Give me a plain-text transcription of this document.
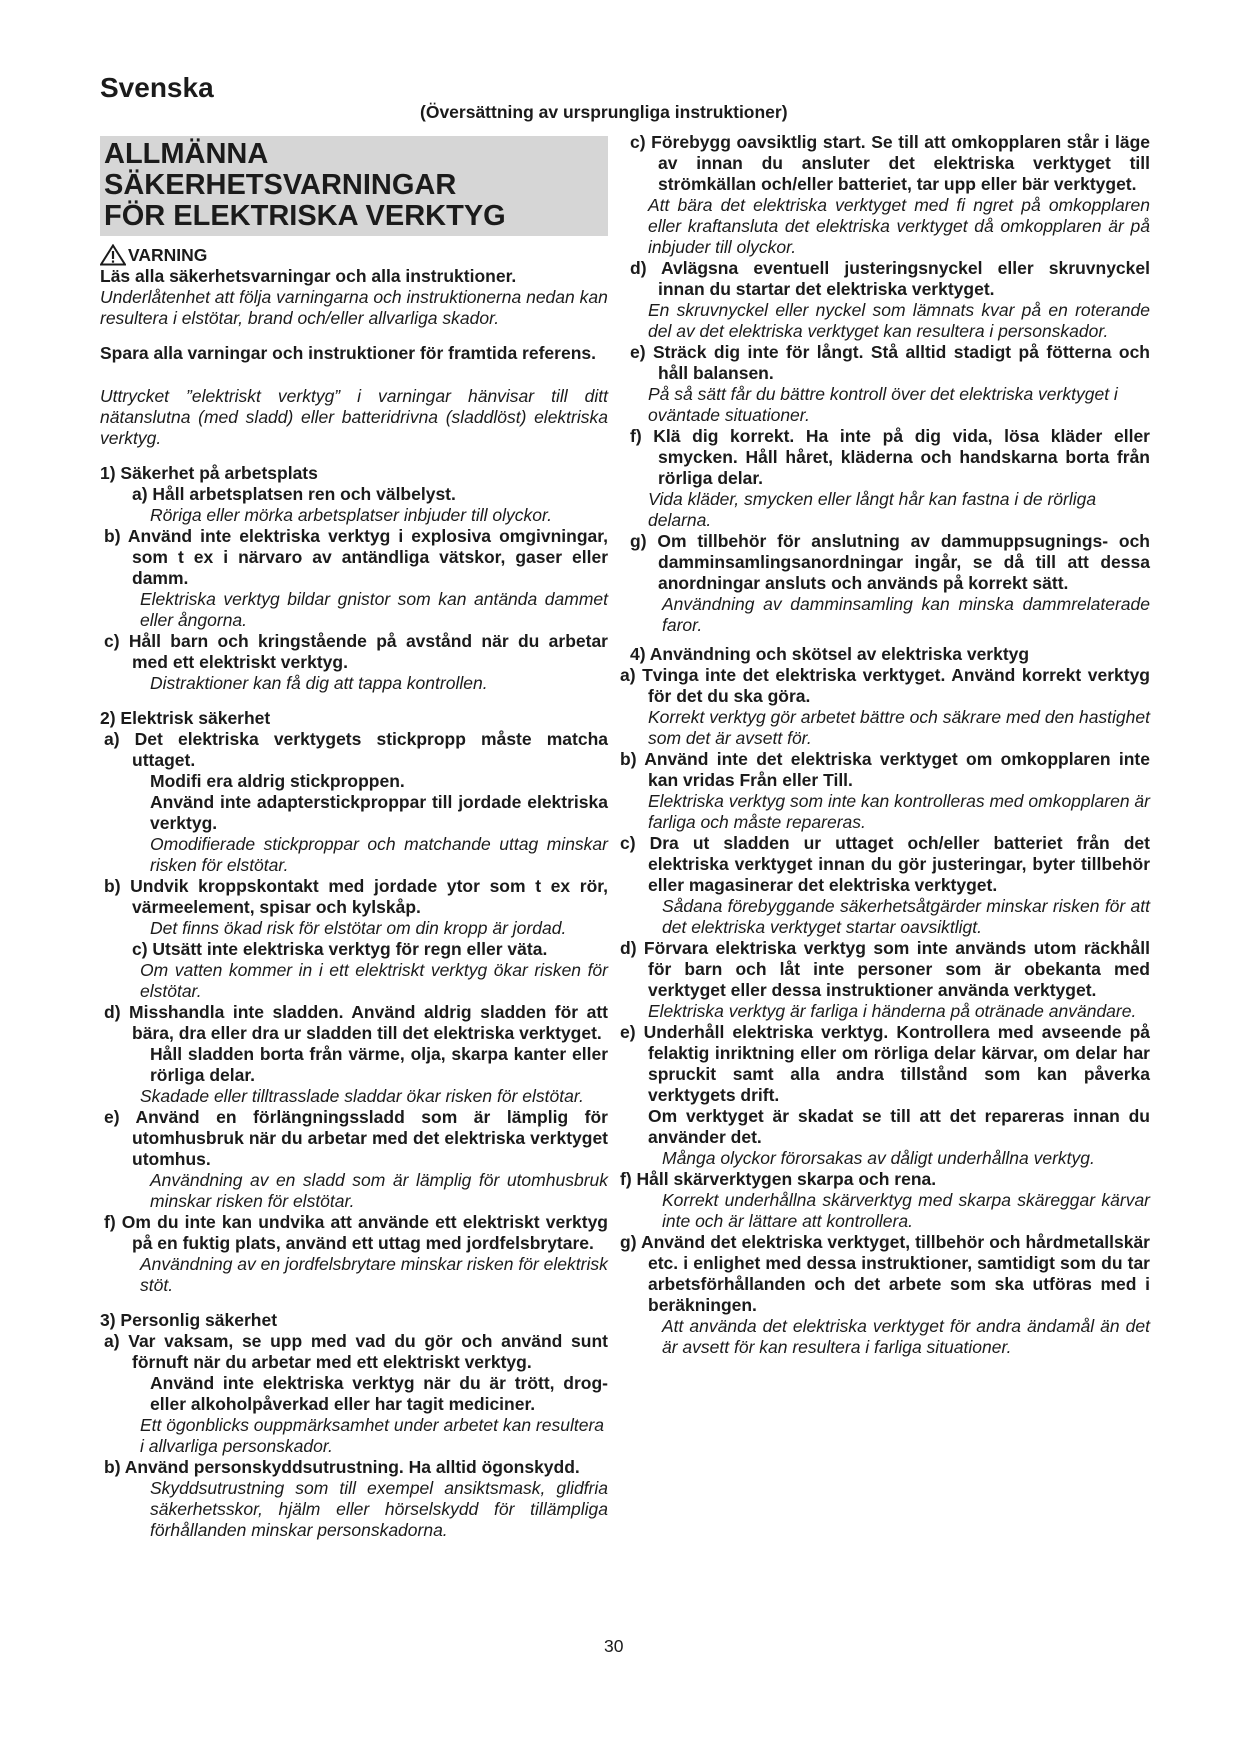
Svenska
(Översättning av ursprungliga instruktioner)
ALLMÄNNA SÄKERHETSVARNINGAR
FÖR ELEKTRISKA VERKTYG
VARNING

Läs alla säkerhetsvarningar och alla instruktioner.

Underlåtenhet att följa varningarna och instruktionerna nedan kan resultera i elstötar, brand och/eller allvarliga skador.

Spara alla varningar och instruktioner för framtida referens.

Uttrycket ”elektriskt verktyg” i varningar hänvisar till ditt nätanslutna (med sladd) eller batteridrivna (sladdlöst) elektriska verktyg.

1) Säkerhet på arbetsplats

a) Håll arbetsplatsen ren och välbelyst.

Röriga eller mörka arbetsplatser inbjuder till olyckor.

b) Använd inte elektriska verktyg i explosiva omgivningar, som t ex i närvaro av antändliga vätskor, gaser eller damm.

Elektriska verktyg bildar gnistor som kan antända dammet eller ångorna.

c) Håll barn och kringstående på avstånd när du arbetar med ett elektriskt verktyg.

Distraktioner kan få dig att tappa kontrollen.

2) Elektrisk säkerhet

a) Det elektriska verktygets stickpropp måste matcha uttaget.

Modifi era aldrig stickproppen.

Använd inte adapterstickproppar till jordade elektriska verktyg.

Omodifierade stickproppar och matchande uttag minskar risken för elstötar.

b) Undvik kroppskontakt med jordade ytor som t ex rör, värmeelement, spisar och kylskåp.

Det finns ökad risk för elstötar om din kropp är jordad.

c) Utsätt inte elektriska verktyg för regn eller väta.

Om vatten kommer in i ett elektriskt verktyg ökar risken för elstötar.

d) Misshandla inte sladden. Använd aldrig sladden för att bära, dra eller dra ur sladden till det elektriska verktyget.

Håll sladden borta från värme, olja, skarpa kanter eller rörliga delar.

Skadade eller tilltrasslade sladdar ökar risken för elstötar.

e) Använd en förlängningssladd som är lämplig för utomhusbruk när du arbetar med det elektriska verktyget utomhus.

Användning av en sladd som är lämplig för utomhusbruk minskar risken för elstötar.

f) Om du inte kan undvika att använde ett elektriskt verktyg på en fuktig plats, använd ett uttag med jordfelsbrytare.

Användning av en jordfelsbrytare minskar risken för elektrisk stöt.

3) Personlig säkerhet

a) Var vaksam, se upp med vad du gör och använd sunt förnuft när du arbetar med ett elektriskt verktyg.

Använd inte elektriska verktyg när du är trött, drog- eller alkoholpåverkad eller har tagit mediciner.

Ett ögonblicks ouppmärksamhet under arbetet kan resultera i allvarliga personskador.

b) Använd personskyddsutrustning. Ha alltid ögonskydd.

Skyddsutrustning som till exempel ansiktsmask, glidfria säkerhetsskor, hjälm eller hörselskydd för tillämpliga förhållanden minskar personskadorna.

c) Förebygg oavsiktlig start. Se till att omkopplaren står i läge av innan du ansluter det elektriska verktyget till strömkällan och/eller batteriet, tar upp eller bär verktyget.

Att bära det elektriska verktyget med fi ngret på omkopplaren eller kraftansluta det elektriska verktyget då omkopplaren är på inbjuder till olyckor.

d) Avlägsna eventuell justeringsnyckel eller skruvnyckel innan du startar det elektriska verktyget.

En skruvnyckel eller nyckel som lämnats kvar på en roterande del av det elektriska verktyget kan resultera i personskador.

e) Sträck dig inte för långt. Stå alltid stadigt på fötterna och håll balansen.

På så sätt får du bättre kontroll över det elektriska verktyget i oväntade situationer.

f) Klä dig korrekt. Ha inte på dig vida, lösa kläder eller smycken. Håll håret, kläderna och handskarna borta från rörliga delar.

Vida kläder, smycken eller långt hår kan fastna i de rörliga delarna.

g) Om tillbehör för anslutning av dammuppsugnings- och damminsamlingsanordningar ingår, se då till att dessa anordningar ansluts och används på korrekt sätt.

Användning av damminsamling kan minska dammrelaterade faror.

4) Användning och skötsel av elektriska verktyg

a) Tvinga inte det elektriska verktyget. Använd korrekt verktyg för det du ska göra.

Korrekt verktyg gör arbetet bättre och säkrare med den hastighet som det är avsett för.

b) Använd inte det elektriska verktyget om omkopplaren inte kan vridas Från eller Till.

Elektriska verktyg som inte kan kontrolleras med omkopplaren är farliga och måste repareras.

c) Dra ut sladden ur uttaget och/eller batteriet från det elektriska verktyget innan du gör justeringar, byter tillbehör eller magasinerar det elektriska verktyget.

Sådana förebyggande säkerhetsåtgärder minskar risken för att det elektriska verktyget startar oavsiktligt.

d) Förvara elektriska verktyg som inte används utom räckhåll för barn och låt inte personer som är obekanta med verktyget eller dessa instruktioner använda verktyget.

Elektriska verktyg är farliga i händerna på otränade användare.

e) Underhåll elektriska verktyg. Kontrollera med avseende på felaktig inriktning eller om rörliga delar kärvar, om delar har spruckit samt alla andra tillstånd som kan påverka verktygets drift.

Om verktyget är skadat se till att det repareras innan du använder det.

Många olyckor förorsakas av dåligt underhållna verktyg.

f) Håll skärverktygen skarpa och rena.

Korrekt underhållna skärverktyg med skarpa skäreggar kärvar inte och är lättare att kontrollera.

g) Använd det elektriska verktyget, tillbehör och hårdmetallskär etc. i enlighet med dessa instruktioner, samtidigt som du tar arbetsförhållanden och det arbete som ska utföras med i beräkningen.

Att använda det elektriska verktyget för andra ändamål än det är avsett för kan resultera i farliga situationer.

30
